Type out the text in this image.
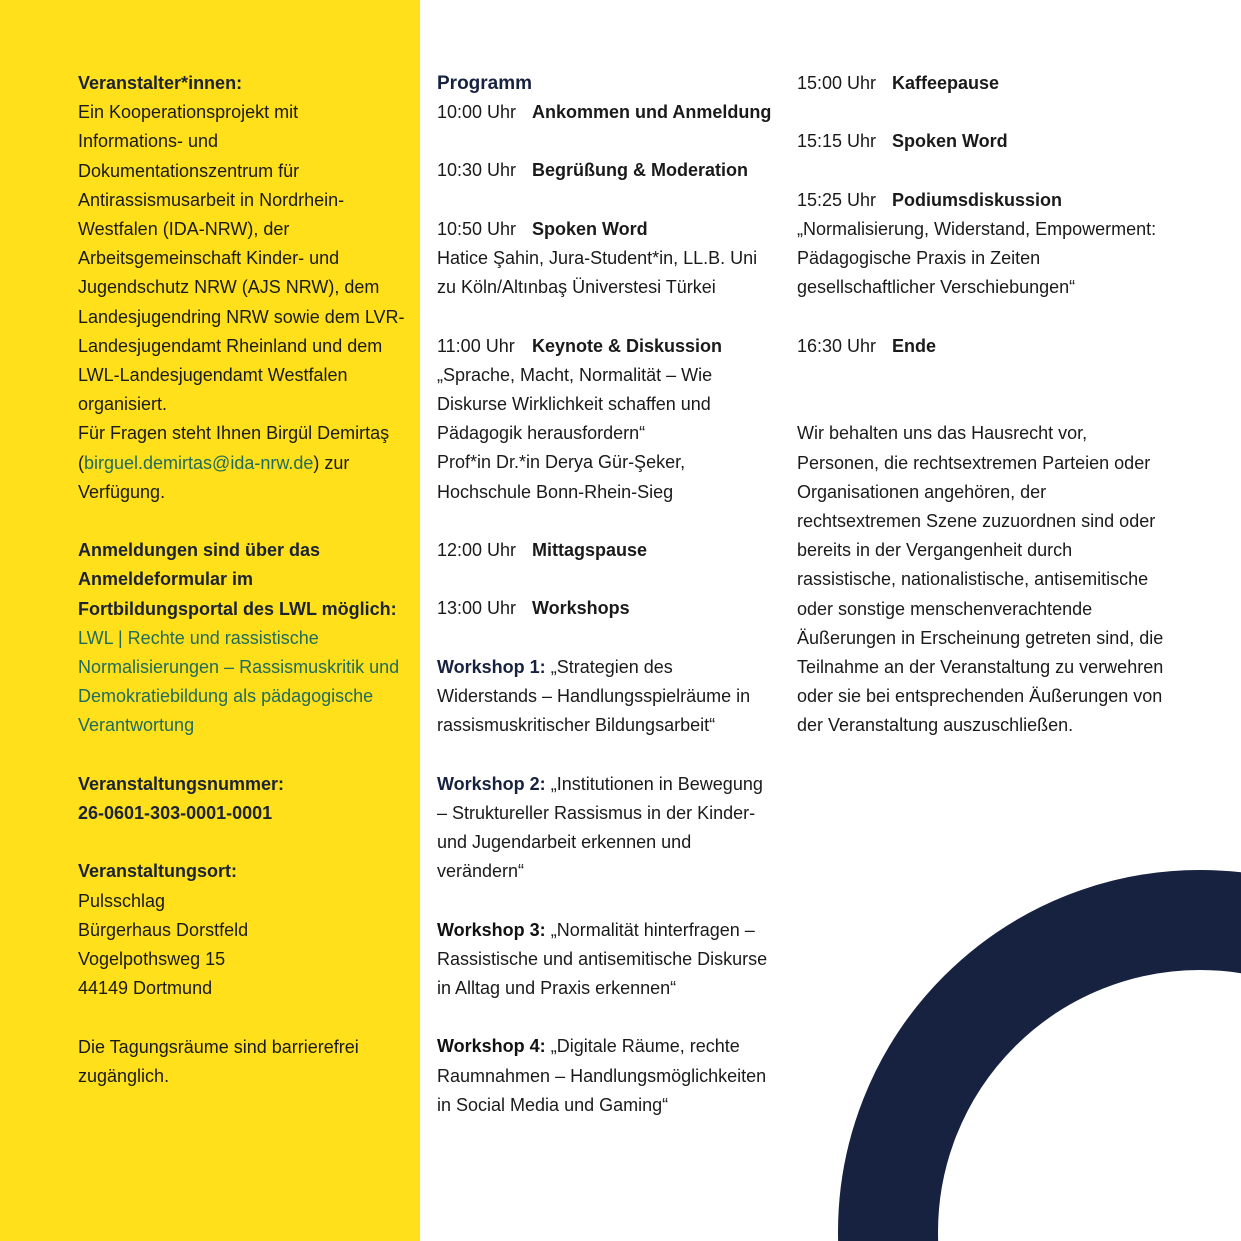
Veranstalter*innen:

Ein Kooperationsprojekt mit Informations- und Dokumentationszentrum für Antirassismusarbeit in Nordrhein-Westfalen (IDA-NRW), der Arbeitsgemeinschaft Kinder- und Jugendschutz NRW (AJS NRW), dem Landesjugendring NRW sowie dem LVR-Landesjugendamt Rheinland und dem LWL-Landesjugendamt Westfalen organisiert.

Für Fragen steht Ihnen Birgül Demirtaş (birguel.demirtas@ida-nrw.de) zur Verfügung.

Anmeldungen sind über das Anmeldeformular im Fortbildungsportal des LWL möglich:

LWL | Rechte und rassistische Normalisierungen – Rassismuskritik und Demokratiebildung als pädagogische Verantwortung

Veranstaltungsnummer:

26-0601-303-0001-0001

Veranstaltungsort:

Pulsschlag

Bürgerhaus Dorstfeld

Vogelpothsweg 15

44149 Dortmund

Die Tagungsräume sind barrierefrei zugänglich.

Programm

10:00 Uhr Ankommen und Anmeldung
10:30 Uhr Begrüßung & Moderation
10:50 Uhr Spoken Word

Hatice Şahin, Jura-Student*in, LL.B. Uni zu Köln/Altınbaş Üniverstesi Türkei

11:00 Uhr Keynote & Diskussion

„Sprache, Macht, Normalität – Wie Diskurse Wirklichkeit schaffen und Pädagogik herausfordern“

Prof*in Dr.*in Derya Gür-Şeker, Hochschule Bonn-Rhein-Sieg

12:00 Uhr Mittagspause
13:00 Uhr Workshops

Workshop 1: „Strategien des Widerstands – Handlungsspielräume in rassismuskritischer Bildungsarbeit“

Workshop 2: „Institutionen in Bewegung – Struktureller Rassismus in der Kinder- und Jugendarbeit erkennen und verändern“

Workshop 3: „Normalität hinterfragen – Rassistische und antisemitische Diskurse in Alltag und Praxis erkennen“

Workshop 4: „Digitale Räume, rechte Raumnahmen – Handlungsmöglichkeiten in Social Media und Gaming“

15:00 Uhr Kaffeepause
15:15 Uhr Spoken Word
15:25 Uhr Podiumsdiskussion

„Normalisierung, Widerstand, Empowerment: Pädagogische Praxis in Zeiten gesellschaftlicher Verschiebungen“

16:30 Uhr Ende

Wir behalten uns das Hausrecht vor, Personen, die rechtsextremen Parteien oder Organisationen angehören, der rechtsextremen Szene zuzuordnen sind oder bereits in der Vergangenheit durch rassistische, nationalistische, antisemitische oder sonstige menschenverachtende Äußerungen in Erscheinung getreten sind, die Teilnahme an der Veranstaltung zu verwehren oder sie bei entsprechenden Äußerungen von der Veranstaltung auszuschließen.
